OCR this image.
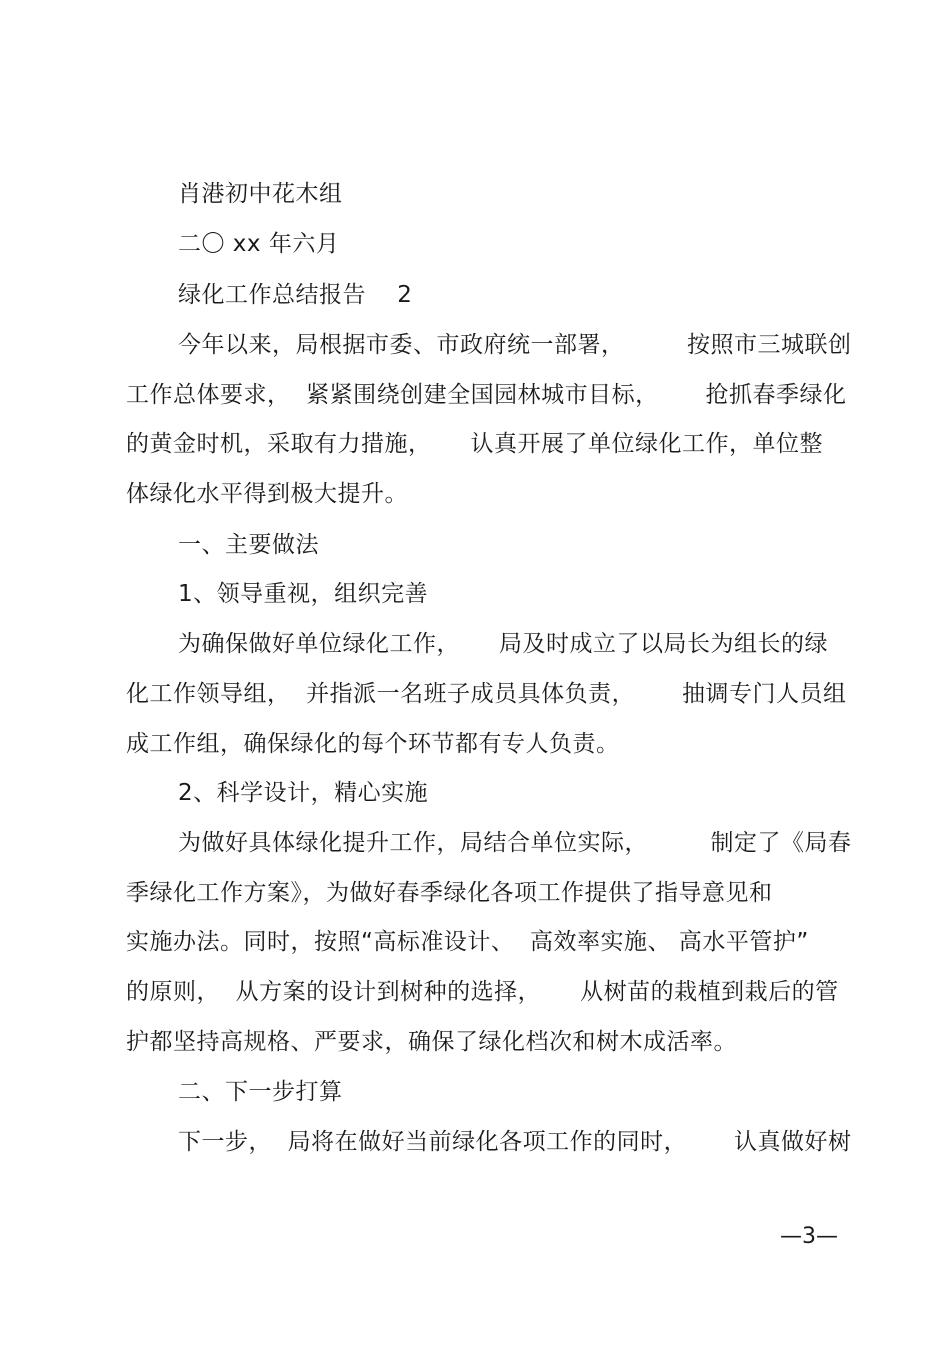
肖港初中花木组
二〇 xx 年六月
绿化工作总结报告    2
今年以来，局根据市委、市政府统一部署，        按照市三城联创
工作总体要求，  紧紧围绕创建全国园林城市目标，      抢抓春季绿化
的黄金时机，采取有力措施，     认真开展了单位绿化工作，单位整
体绿化水平得到极大提升。
一、主要做法
1、领导重视，组织完善
为确保做好单位绿化工作，     局及时成立了以局长为组长的绿
化工作领导组，  并指派一名班子成员具体负责，      抽调专门人员组
成工作组，确保绿化的每个环节都有专人负责。
2、科学设计，精心实施
为做好具体绿化提升工作，局结合单位实际，        制定了《局春
季绿化工作方案》，为做好春季绿化各项工作提供了指导意见和
实施办法。同时，按照“高标准设计、  高效率实施、 高水平管护”
的原则，  从方案的设计到树种的选择，     从树苗的栽植到栽后的管
护都坚持高规格、严要求，确保了绿化档次和树木成活率。
二、下一步打算
下一步，  局将在做好当前绿化各项工作的同时，      认真做好树
—3—
